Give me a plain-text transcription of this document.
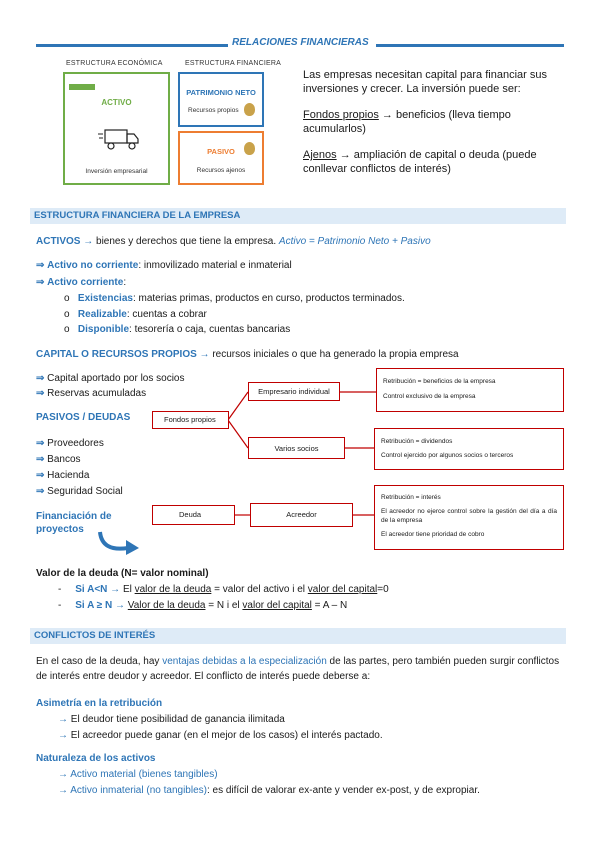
RELACIONES FINANCIERAS
ESTRUCTURA ECONÓMICA	ESTRUCTURA FINANCIERA
ACTIVO
Inversión empresarial
PATRIMONIO NETO
Recursos propios
PASIVO
Recursos ajenos
Las empresas necesitan capital para financiar sus inversiones y crecer. La inversión puede ser:
Fondos propios → beneficios (lleva tiempo acumularlos)
Ajenos → ampliación de capital o deuda (puede conllevar conflictos de interés)
ESTRUCTURA FINANCIERA DE LA EMPRESA
ACTIVOS → bienes y derechos que tiene la empresa. Activo = Patrimonio Neto + Pasivo
⇒ Activo no corriente: inmovilizado material e inmaterial
⇒ Activo corriente:
o Existencias: materias primas, productos en curso, productos terminados.
o Realizable: cuentas a cobrar
o Disponible: tesorería o caja, cuentas bancarias
CAPITAL O RECURSOS PROPIOS → recursos iniciales o que ha generado la propia empresa
⇒ Capital aportado por los socios
⇒ Reservas acumuladas
PASIVOS / DEUDAS
⇒ Proveedores
⇒ Bancos
⇒ Hacienda
⇒ Seguridad Social
Financiación de proyectos
Fondos propios
Empresario individual
Retribución = beneficios de la empresa
Control exclusivo de la empresa
Varios socios
Retribución = dividendos
Control ejercido por algunos socios o terceros
Deuda	Acreedor
Retribución = interés
El acreedor no ejerce control sobre la gestión del día a día de la empresa
El acreedor tiene prioridad de cobro
Valor de la deuda (N= valor nominal)
- Si A<N → El valor de la deuda = valor del activo i el valor del capital=0
- Si A ≥ N → Valor de la deuda = N i el valor del capital = A – N
CONFLICTOS DE INTERÉS
En el caso de la deuda, hay ventajas debidas a la especialización de las partes, pero también pueden surgir conflictos de interés entre deudor y acreedor. El conflicto de interés puede deberse a:
Asimetría en la retribución
→ El deudor tiene posibilidad de ganancia ilimitada
→ El acreedor puede ganar (en el mejor de los casos) el interés pactado.
Naturaleza de los activos
→ Activo material (bienes tangibles)
→ Activo inmaterial (no tangibles): es difícil de valorar ex-ante y vender ex-post, y de expropiar.
